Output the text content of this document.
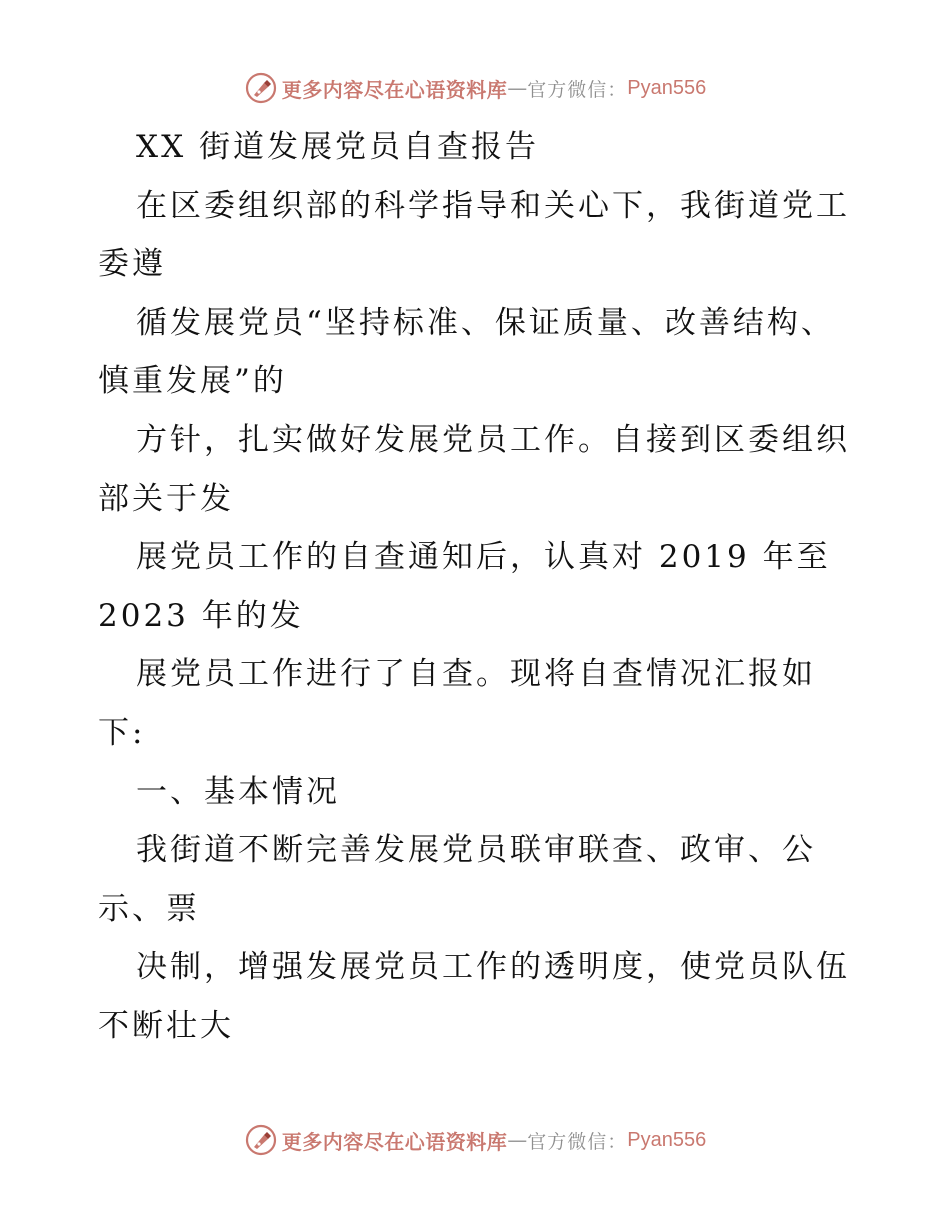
更多内容尽在心语资料库 — 官方微信： Pyan556
XX 街道发展党员自查报告
在区委组织部的科学指导和关心下，我街道党工
委遵
循发展党员“坚持标准、保证质量、改善结构、
慎重发展”的
方针，扎实做好发展党员工作。自接到区委组织
部关于发
展党员工作的自查通知后，认真对 2019 年至
2023 年的发
展党员工作进行了自查。现将自查情况汇报如
下:
一、基本情况
我街道不断完善发展党员联审联查、政审、公
示、票
决制，增强发展党员工作的透明度，使党员队伍
不断壮大
更多内容尽在心语资料库 — 官方微信： Pyan556
